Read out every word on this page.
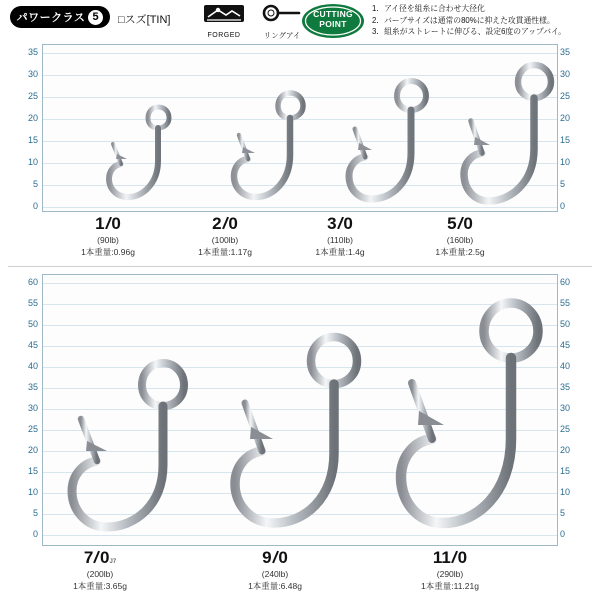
パワークラス 5	□スズ[TIN]
FORGED	リングアイ
CUTTING
POINT
1．アイ径を組糸に合わせ大径化
2．バーブサイズは通常の80%に抑えた攻貫通性様。
3．組糸がストレートに伸びる、設定6度のアップバイ。
35
30
25
20
15
10
5
0
35
30
25
20
15
10
5
0
1/0
(90lb)
1本重量:0.96g
2/0
(100lb)
1本重量:1.17g
3/0
(110lb)
1本重量:1.4g
5/0
(160lb)
1本重量:2.5g
60
55
50
45
40
35
30
25
20
15
10
5
0
60
55
50
45
40
35
30
25
20
15
10
5
0
7/0J7
(200lb)
1本重量:3.65g
9/0
(240lb)
1本重量:6.48g
11/0
(290lb)
1本重量:11.21g
